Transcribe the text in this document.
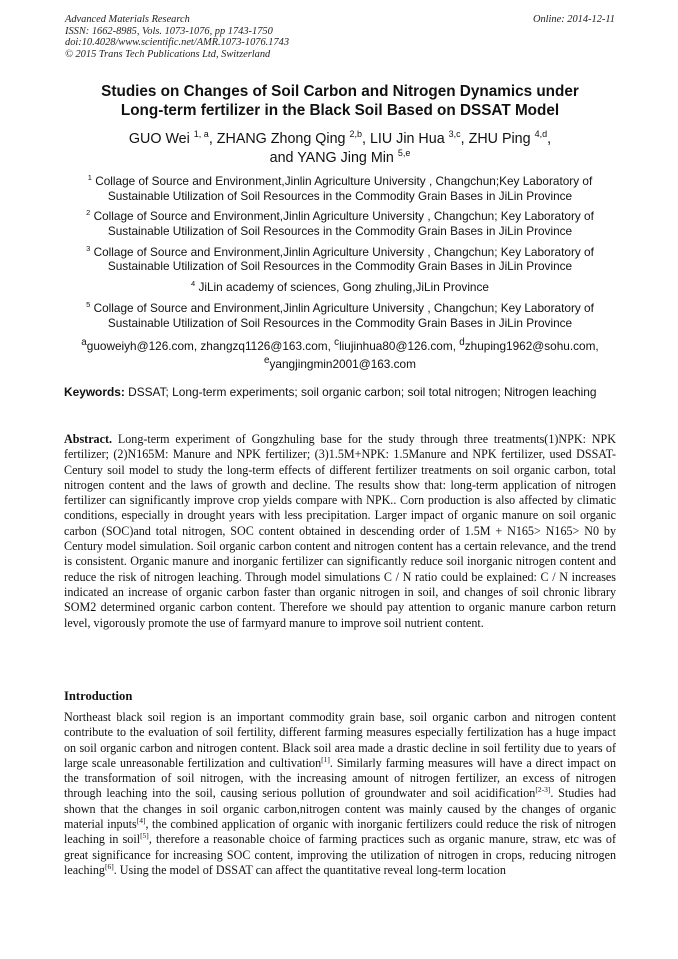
Advanced Materials Research
ISSN: 1662-8985, Vols. 1073-1076, pp 1743-1750
doi:10.4028/www.scientific.net/AMR.1073-1076.1743
© 2015 Trans Tech Publications Ltd, Switzerland
Online: 2014-12-11
Studies on Changes of Soil Carbon and Nitrogen Dynamics under
Long-term fertilizer in the Black Soil Based on DSSAT Model
GUO Wei $^{1, a}$, ZHANG Zhong Qing $^{2,b}$, LIU Jin Hua $^{3,c}$, ZHU Ping $^{4,d}$,
and YANG Jing Min $^{5,e}$
$^1$ Collage of Source and Environment,Jinlin Agriculture University , Changchun;Key Laboratory of Sustainable Utilization of Soil Resources in the Commodity Grain Bases in JiLin Province
$^2$ Collage of Source and Environment,Jinlin Agriculture University , Changchun; Key Laboratory of Sustainable Utilization of Soil Resources in the Commodity Grain Bases in JiLin Province
$^3$ Collage of Source and Environment,Jinlin Agriculture University , Changchun; Key Laboratory of Sustainable Utilization of Soil Resources in the Commodity Grain Bases in JiLin Province
$^4$ JiLin academy of sciences, Gong zhuling,JiLin Province
$^5$ Collage of Source and Environment,Jinlin Agriculture University , Changchun; Key Laboratory of Sustainable Utilization of Soil Resources in the Commodity Grain Bases in JiLin Province
$^a$guoweiyh@126.com, zhangzq1126@163.com, $^c$liujinhua80@126.com, $^d$zhuping1962@sohu.com,
$^e$yangjingmin2001@163.com
Keywords: DSSAT; Long-term experiments; soil organic carbon; soil total nitrogen; Nitrogen leaching
Abstract. Long-term experiment of Gongzhuling base for the study through three treatments(1)NPK: NPK fertilizer; (2)N165M: Manure and NPK fertilizer; (3)1.5M+NPK: 1.5Manure and NPK fertilizer, used DSSAT-Century soil model to study the long-term effects of different fertilizer treatments on soil organic carbon, total nitrogen content and the laws of growth and decline. The results show that: long-term application of nitrogen fertilizer can significantly improve crop yields compare with NPK.. Corn production is also affected by climatic conditions, especially in drought years with less precipitation. Larger impact of organic manure on soil organic carbon (SOC)and total nitrogen, SOC content obtained in descending order of 1.5M + N165> N165> N0 by Century model simulation. Soil organic carbon content and nitrogen content has a certain relevance, and the trend is consistent. Organic manure and inorganic fertilizer can significantly reduce soil inorganic nitrogen content and reduce the risk of nitrogen leaching. Through model simulations C / N ratio could be explained: C / N increases indicated an increase of organic carbon faster than organic nitrogen in soil, and changes of soil chronic library SOM2 determined organic carbon content. Therefore we should pay attention to organic manure carbon return level, vigorously promote the use of farmyard manure to improve soil nutrient content.
Introduction
Northeast black soil region is an important commodity grain base, soil organic carbon and nitrogen content contribute to the evaluation of soil fertility, different farming measures especially fertilization has a huge impact on soil organic carbon and nitrogen content. Black soil area made a drastic decline in soil fertility due to years of large scale unreasonable fertilization and cultivation[1]. Similarly farming measures will have a direct impact on the transformation of soil nitrogen, with the increasing amount of nitrogen fertilizer, an excess of nitrogen through leaching into the soil, causing serious pollution of groundwater and soil acidification[2-3]. Studies had shown that the changes in soil organic carbon,nitrogen content was mainly caused by the changes of organic material inputs[4], the combined application of organic with inorganic fertilizers could reduce the risk of nitrogen leaching in soil[5], therefore a reasonable choice of farming practices such as organic manure, straw, etc was of great significance for increasing SOC content, improving the utilization of nitrogen in crops, reducing nitrogen leaching[6]. Using the model of DSSAT can affect the quantitative reveal long-term location
